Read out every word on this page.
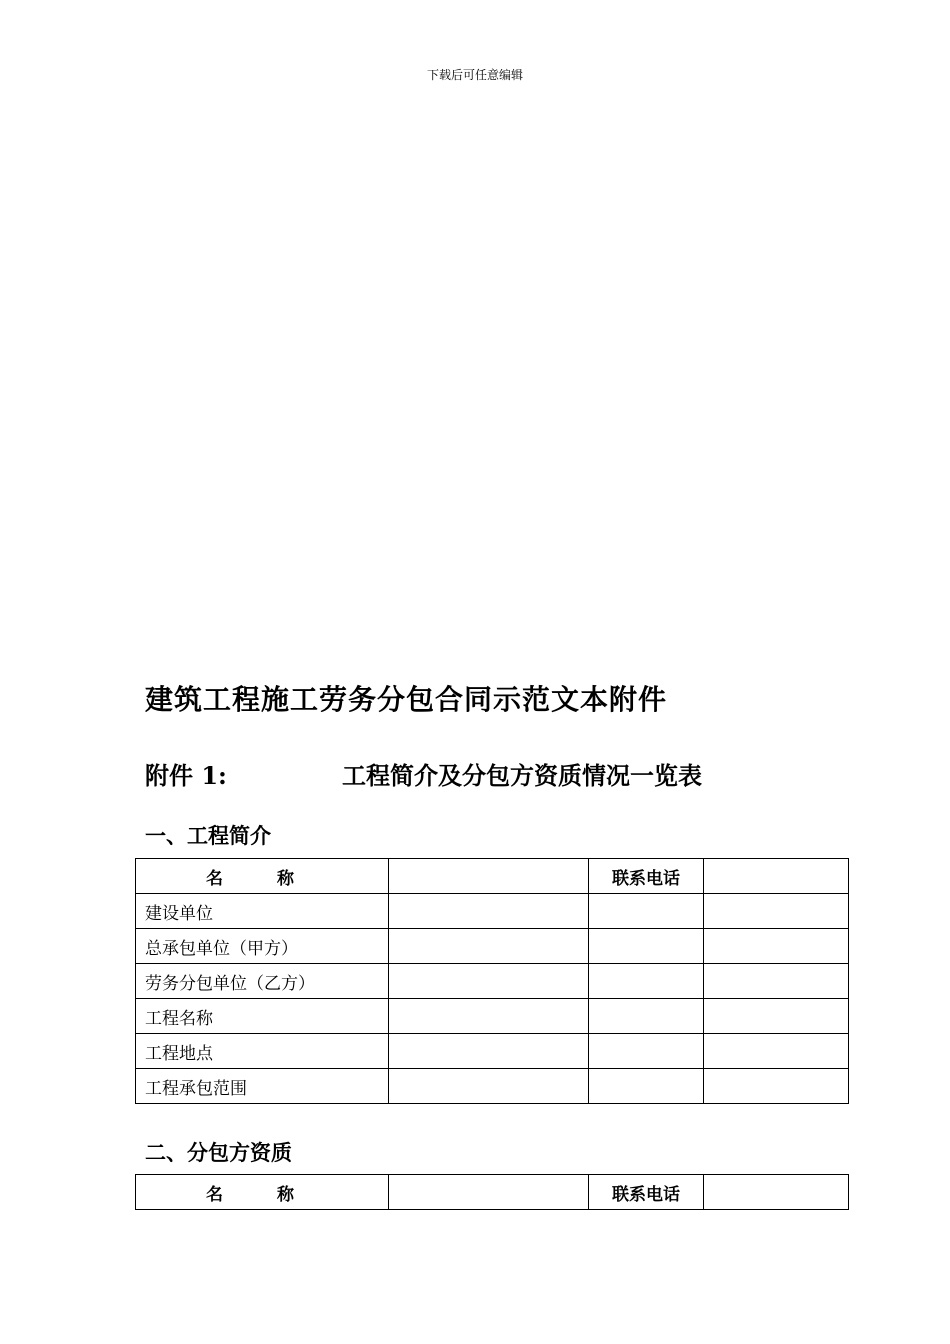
下载后可任意编辑
建筑工程施工劳务分包合同示范文本附件
附件 1:	工程简介及分包方资质情况一览表
一、工程简介
名 称		联系电话	
建设单位			
总承包单位（甲方）			
劳务分包单位（乙方）			
工程名称			
工程地点			
工程承包范围			
二、分包方资质
名 称		联系电话	
